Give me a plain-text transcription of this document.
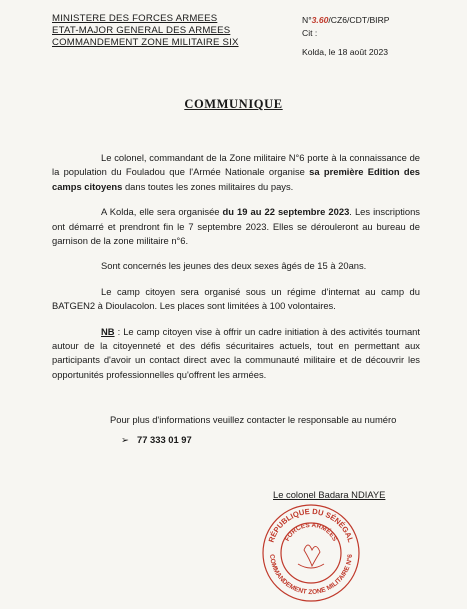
MINISTERE DES FORCES ARMEES
ETAT-MAJOR GENERAL DES ARMEES
COMMANDEMENT ZONE MILITAIRE SIX
N°3.60/CZ6/CDT/BIRP
Cit :
Kolda, le 18 août 2023
COMMUNIQUE

Le colonel, commandant de la Zone militaire N°6 porte à la connaissance de la population du Fouladou que l'Armée Nationale organise sa première Edition des camps citoyens dans toutes les zones militaires du pays.

A Kolda, elle sera organisée du 19 au 22 septembre 2023. Les inscriptions ont démarré et prendront fin le 7 septembre 2023. Elles se dérouleront au bureau de garnison de la zone militaire n°6.

Sont concernés les jeunes des deux sexes âgés de 15 à 20ans.

Le camp citoyen sera organisé sous un régime d'internat au camp du BATGEN2 à Dioulacolon. Les places sont limitées à 100 volontaires.

NB : Le camp citoyen vise à offrir un cadre initiation à des activités tournant autour de la citoyenneté et des défis sécuritaires actuels, tout en permettant aux participants d'avoir un contact direct avec la communauté militaire et de découvrir les opportunités professionnelles qu'offrent les armées.

Pour plus d'informations veuillez contacter le responsable au numéro
➢ 77 333 01 97
Le colonel Badara NDIAYE
RÉPUBLIQUE DU SÉNÉGAL
FORCES ARMÉES
COMMANDEMENT ZONE MILITAIRE N°6
